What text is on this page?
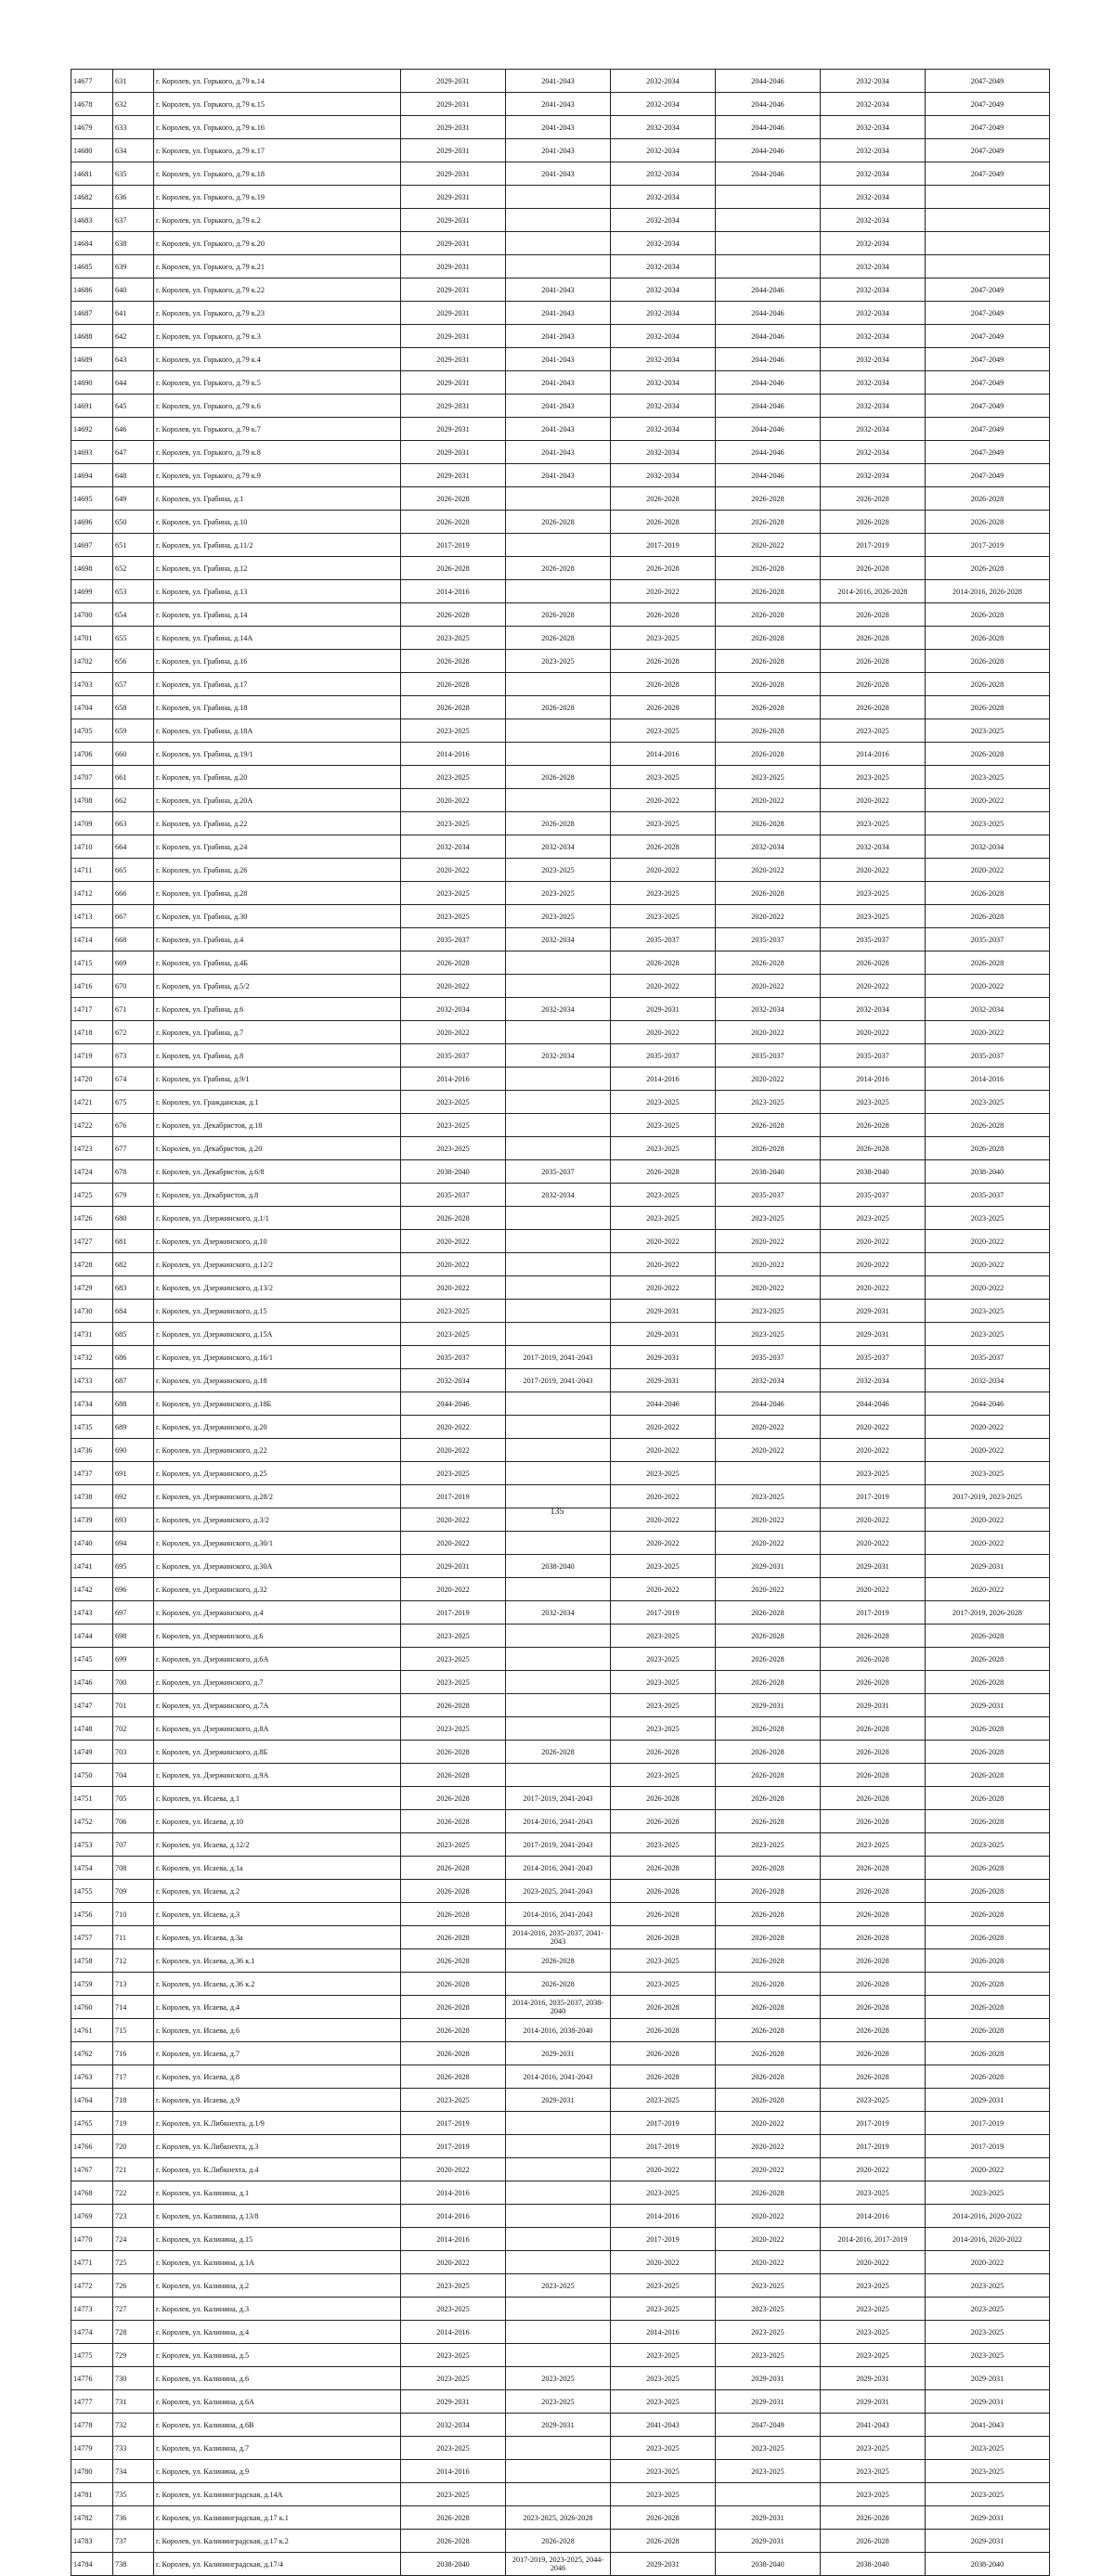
14677	631	г. Королев, ул. Горького, д.79 к.14	2029-2031	2041-2043	2032-2034	2044-2046	2032-2034	2047-2049
14678	632	г. Королев, ул. Горького, д.79 к.15	2029-2031	2041-2043	2032-2034	2044-2046	2032-2034	2047-2049
14679	633	г. Королев, ул. Горького, д.79 к.16	2029-2031	2041-2043	2032-2034	2044-2046	2032-2034	2047-2049
14680	634	г. Королев, ул. Горького, д.79 к.17	2029-2031	2041-2043	2032-2034	2044-2046	2032-2034	2047-2049
14681	635	г. Королев, ул. Горького, д.79 к.18	2029-2031	2041-2043	2032-2034	2044-2046	2032-2034	2047-2049
14682	636	г. Королев, ул. Горького, д.79 к.19	2029-2031		2032-2034		2032-2034	
14683	637	г. Королев, ул. Горького, д.79 к.2	2029-2031		2032-2034		2032-2034	
14684	638	г. Королев, ул. Горького, д.79 к.20	2029-2031		2032-2034		2032-2034	
14685	639	г. Королев, ул. Горького, д.79 к.21	2029-2031		2032-2034		2032-2034	
14686	640	г. Королев, ул. Горького, д.79 к.22	2029-2031	2041-2043	2032-2034	2044-2046	2032-2034	2047-2049
14687	641	г. Королев, ул. Горького, д.79 к.23	2029-2031	2041-2043	2032-2034	2044-2046	2032-2034	2047-2049
14688	642	г. Королев, ул. Горького, д.79 к.3	2029-2031	2041-2043	2032-2034	2044-2046	2032-2034	2047-2049
14689	643	г. Королев, ул. Горького, д.79 к.4	2029-2031	2041-2043	2032-2034	2044-2046	2032-2034	2047-2049
14690	644	г. Королев, ул. Горького, д.79 к.5	2029-2031	2041-2043	2032-2034	2044-2046	2032-2034	2047-2049
14691	645	г. Королев, ул. Горького, д.79 к.6	2029-2031	2041-2043	2032-2034	2044-2046	2032-2034	2047-2049
14692	646	г. Королев, ул. Горького, д.79 к.7	2029-2031	2041-2043	2032-2034	2044-2046	2032-2034	2047-2049
14693	647	г. Королев, ул. Горького, д.79 к.8	2029-2031	2041-2043	2032-2034	2044-2046	2032-2034	2047-2049
14694	648	г. Королев, ул. Горького, д.79 к.9	2029-2031	2041-2043	2032-2034	2044-2046	2032-2034	2047-2049
14695	649	г. Королев, ул. Грабина, д.1	2026-2028		2026-2028	2026-2028	2026-2028	2026-2028
14696	650	г. Королев, ул. Грабина, д.10	2026-2028	2026-2028	2026-2028	2026-2028	2026-2028	2026-2028
14697	651	г. Королев, ул. Грабина, д.11/2	2017-2019		2017-2019	2020-2022	2017-2019	2017-2019
14698	652	г. Королев, ул. Грабина, д.12	2026-2028	2026-2028	2026-2028	2026-2028	2026-2028	2026-2028
14699	653	г. Королев, ул. Грабина, д.13	2014-2016		2020-2022	2026-2028	2014-2016, 2026-2028	2014-2016, 2026-2028
14700	654	г. Королев, ул. Грабина, д.14	2026-2028	2026-2028	2026-2028	2026-2028	2026-2028	2026-2028
14701	655	г. Королев, ул. Грабина, д.14А	2023-2025	2026-2028	2023-2025	2026-2028	2026-2028	2026-2028
14702	656	г. Королев, ул. Грабина, д.16	2026-2028	2023-2025	2026-2028	2026-2028	2026-2028	2026-2028
14703	657	г. Королев, ул. Грабина, д.17	2026-2028		2026-2028	2026-2028	2026-2028	2026-2028
14704	658	г. Королев, ул. Грабина, д.18	2026-2028	2026-2028	2026-2028	2026-2028	2026-2028	2026-2028
14705	659	г. Королев, ул. Грабина, д.18А	2023-2025		2023-2025	2026-2028	2023-2025	2023-2025
14706	660	г. Королев, ул. Грабина, д.19/1	2014-2016		2014-2016	2026-2028	2014-2016	2026-2028
14707	661	г. Королев, ул. Грабина, д.20	2023-2025	2026-2028	2023-2025	2023-2025	2023-2025	2023-2025
14708	662	г. Королев, ул. Грабина, д.20А	2020-2022		2020-2022	2020-2022	2020-2022	2020-2022
14709	663	г. Королев, ул. Грабина, д.22	2023-2025	2026-2028	2023-2025	2026-2028	2023-2025	2023-2025
14710	664	г. Королев, ул. Грабина, д.24	2032-2034	2032-2034	2026-2028	2032-2034	2032-2034	2032-2034
14711	665	г. Королев, ул. Грабина, д.26	2020-2022	2023-2025	2020-2022	2020-2022	2020-2022	2020-2022
14712	666	г. Королев, ул. Грабина, д.28	2023-2025	2023-2025	2023-2025	2026-2028	2023-2025	2026-2028
14713	667	г. Королев, ул. Грабина, д.30	2023-2025	2023-2025	2023-2025	2020-2022	2023-2025	2026-2028
14714	668	г. Королев, ул. Грабина, д.4	2035-2037	2032-2034	2035-2037	2035-2037	2035-2037	2035-2037
14715	669	г. Королев, ул. Грабина, д.4Б	2026-2028		2026-2028	2026-2028	2026-2028	2026-2028
14716	670	г. Королев, ул. Грабина, д.5/2	2020-2022		2020-2022	2020-2022	2020-2022	2020-2022
14717	671	г. Королев, ул. Грабина, д.6	2032-2034	2032-2034	2029-2031	2032-2034	2032-2034	2032-2034
14718	672	г. Королев, ул. Грабина, д.7	2020-2022		2020-2022	2020-2022	2020-2022	2020-2022
14719	673	г. Королев, ул. Грабина, д.8	2035-2037	2032-2034	2035-2037	2035-2037	2035-2037	2035-2037
14720	674	г. Королев, ул. Грабина, д.9/1	2014-2016		2014-2016	2020-2022	2014-2016	2014-2016
14721	675	г. Королев, ул. Гражданская, д.1	2023-2025		2023-2025	2023-2025	2023-2025	2023-2025
14722	676	г. Королев, ул. Декабристов, д.18	2023-2025		2023-2025	2026-2028	2026-2028	2026-2028
14723	677	г. Королев, ул. Декабристов, д.20	2023-2025		2023-2025	2026-2028	2026-2028	2026-2028
14724	678	г. Королев, ул. Декабристов, д.6/8	2038-2040	2035-2037	2026-2028	2038-2040	2038-2040	2038-2040
14725	679	г. Королев, ул. Декабристов, д.8	2035-2037	2032-2034	2023-2025	2035-2037	2035-2037	2035-2037
14726	680	г. Королев, ул. Дзержинского, д.1/1	2026-2028		2023-2025	2023-2025	2023-2025	2023-2025
14727	681	г. Королев, ул. Дзержинского, д.10	2020-2022		2020-2022	2020-2022	2020-2022	2020-2022
14728	682	г. Королев, ул. Дзержинского, д.12/2	2020-2022		2020-2022	2020-2022	2020-2022	2020-2022
14729	683	г. Королев, ул. Дзержинского, д.13/2	2020-2022		2020-2022	2020-2022	2020-2022	2020-2022
14730	684	г. Королев, ул. Дзержинского, д.15	2023-2025		2029-2031	2023-2025	2029-2031	2023-2025
14731	685	г. Королев, ул. Дзержинского, д.15А	2023-2025		2029-2031	2023-2025	2029-2031	2023-2025
14732	686	г. Королев, ул. Дзержинского, д.16/1	2035-2037	2017-2019, 2041-2043	2029-2031	2035-2037	2035-2037	2035-2037
14733	687	г. Королев, ул. Дзержинского, д.18	2032-2034	2017-2019, 2041-2043	2029-2031	2032-2034	2032-2034	2032-2034
14734	688	г. Королев, ул. Дзержинского, д.18Б	2044-2046		2044-2046	2044-2046	2044-2046	2044-2046
14735	689	г. Королев, ул. Дзержинского, д.20	2020-2022		2020-2022	2020-2022	2020-2022	2020-2022
14736	690	г. Королев, ул. Дзержинского, д.22	2020-2022		2020-2022	2020-2022	2020-2022	2020-2022
14737	691	г. Королев, ул. Дзержинского, д.25	2023-2025		2023-2025		2023-2025	2023-2025
14738	692	г. Королев, ул. Дзержинского, д.28/2	2017-2019		2020-2022	2023-2025	2017-2019	2017-2019, 2023-2025
14739	693	г. Королев, ул. Дзержинского, д.3/2	2020-2022		2020-2022	2020-2022	2020-2022	2020-2022
14740	694	г. Королев, ул. Дзержинского, д.30/1	2020-2022		2020-2022	2020-2022	2020-2022	2020-2022
14741	695	г. Королев, ул. Дзержинского, д.30А	2029-2031	2038-2040	2023-2025	2029-2031	2029-2031	2029-2031
14742	696	г. Королев, ул. Дзержинского, д.32	2020-2022		2020-2022	2020-2022	2020-2022	2020-2022
14743	697	г. Королев, ул. Дзержинского, д.4	2017-2019	2032-2034	2017-2019	2026-2028	2017-2019	2017-2019, 2026-2028
14744	698	г. Королев, ул. Дзержинского, д.6	2023-2025		2023-2025	2026-2028	2026-2028	2026-2028
14745	699	г. Королев, ул. Дзержинского, д.6А	2023-2025		2023-2025	2026-2028	2026-2028	2026-2028
14746	700	г. Королев, ул. Дзержинского, д.7	2023-2025		2023-2025	2026-2028	2026-2028	2026-2028
14747	701	г. Королев, ул. Дзержинского, д.7А	2026-2028		2023-2025	2029-2031	2029-2031	2029-2031
14748	702	г. Королев, ул. Дзержинского, д.8А	2023-2025		2023-2025	2026-2028	2026-2028	2026-2028
14749	703	г. Королев, ул. Дзержинского, д.8Б	2026-2028	2026-2028	2026-2028	2026-2028	2026-2028	2026-2028
14750	704	г. Королев, ул. Дзержинского, д.9А	2026-2028		2023-2025	2026-2028	2026-2028	2026-2028
14751	705	г. Королев, ул. Исаева, д.1	2026-2028	2017-2019, 2041-2043	2026-2028	2026-2028	2026-2028	2026-2028
14752	706	г. Королев, ул. Исаева, д.10	2026-2028	2014-2016, 2041-2043	2026-2028	2026-2028	2026-2028	2026-2028
14753	707	г. Королев, ул. Исаева, д.12/2	2023-2025	2017-2019, 2041-2043	2023-2025	2023-2025	2023-2025	2023-2025
14754	708	г. Королев, ул. Исаева, д.1а	2026-2028	2014-2016, 2041-2043	2026-2028	2026-2028	2026-2028	2026-2028
14755	709	г. Королев, ул. Исаева, д.2	2026-2028	2023-2025, 2041-2043	2026-2028	2026-2028	2026-2028	2026-2028
14756	710	г. Королев, ул. Исаева, д.3	2026-2028	2014-2016, 2041-2043	2026-2028	2026-2028	2026-2028	2026-2028
14757	711	г. Королев, ул. Исаева, д.3а	2026-2028	2014-2016, 2035-2037, 2041-2043	2026-2028	2026-2028	2026-2028	2026-2028
14758	712	г. Королев, ул. Исаева, д.36 к.1	2026-2028	2026-2028	2023-2025	2026-2028	2026-2028	2026-2028
14759	713	г. Королев, ул. Исаева, д.36 к.2	2026-2028	2026-2028	2023-2025	2026-2028	2026-2028	2026-2028
14760	714	г. Королев, ул. Исаева, д.4	2026-2028	2014-2016, 2035-2037, 2038-2040	2026-2028	2026-2028	2026-2028	2026-2028
14761	715	г. Королев, ул. Исаева, д.6	2026-2028	2014-2016, 2038-2040	2026-2028	2026-2028	2026-2028	2026-2028
14762	716	г. Королев, ул. Исаева, д.7	2026-2028	2029-2031	2026-2028	2026-2028	2026-2028	2026-2028
14763	717	г. Королев, ул. Исаева, д.8	2026-2028	2014-2016, 2041-2043	2026-2028	2026-2028	2026-2028	2026-2028
14764	718	г. Королев, ул. Исаева, д.9	2023-2025	2029-2031	2023-2025	2026-2028	2023-2025	2029-2031
14765	719	г. Королев, ул. К.Либкнехта, д.1/9	2017-2019		2017-2019	2020-2022	2017-2019	2017-2019
14766	720	г. Королев, ул. К.Либкнехта, д.3	2017-2019		2017-2019	2020-2022	2017-2019	2017-2019
14767	721	г. Королев, ул. К.Либкнехта, д.4	2020-2022		2020-2022	2020-2022	2020-2022	2020-2022
14768	722	г. Королев, ул. Калинина, д.1	2014-2016		2023-2025	2026-2028	2023-2025	2023-2025
14769	723	г. Королев, ул. Калинина, д.13/8	2014-2016		2014-2016	2020-2022	2014-2016	2014-2016, 2020-2022
14770	724	г. Королев, ул. Калинина, д.15	2014-2016		2017-2019	2020-2022	2014-2016, 2017-2019	2014-2016, 2020-2022
14771	725	г. Королев, ул. Калинина, д.1А	2020-2022		2020-2022	2020-2022	2020-2022	2020-2022
14772	726	г. Королев, ул. Калинина, д.2	2023-2025	2023-2025	2023-2025	2023-2025	2023-2025	2023-2025
14773	727	г. Королев, ул. Калинина, д.3	2023-2025		2023-2025	2023-2025	2023-2025	2023-2025
14774	728	г. Королев, ул. Калинина, д.4	2014-2016		2014-2016	2023-2025	2023-2025	2023-2025
14775	729	г. Королев, ул. Калинина, д.5	2023-2025		2023-2025	2023-2025	2023-2025	2023-2025
14776	730	г. Королев, ул. Калинина, д.6	2023-2025	2023-2025	2023-2025	2029-2031	2029-2031	2029-2031
14777	731	г. Королев, ул. Калинина, д.6А	2029-2031	2023-2025	2023-2025	2029-2031	2029-2031	2029-2031
14778	732	г. Королев, ул. Калинина, д.6В	2032-2034	2029-2031	2041-2043	2047-2049	2041-2043	2041-2043
14779	733	г. Королев, ул. Калинина, д.7	2023-2025		2023-2025	2023-2025	2023-2025	2023-2025
14780	734	г. Королев, ул. Калинина, д.9	2014-2016		2023-2025	2023-2025	2023-2025	2023-2025
14781	735	г. Королев, ул. Калининградская, д.14А	2023-2025		2023-2025		2023-2025	2023-2025
14782	736	г. Королев, ул. Калининградская, д.17 к.1	2026-2028	2023-2025, 2026-2028	2026-2028	2029-2031	2026-2028	2029-2031
14783	737	г. Королев, ул. Калининградская, д.17 к.2	2026-2028	2026-2028	2026-2028	2029-2031	2026-2028	2029-2031
14784	738	г. Королев, ул. Калининградская, д.17/4	2038-2040	2017-2019, 2023-2025, 2044-2046	2029-2031	2038-2040	2038-2040	2038-2040
135
